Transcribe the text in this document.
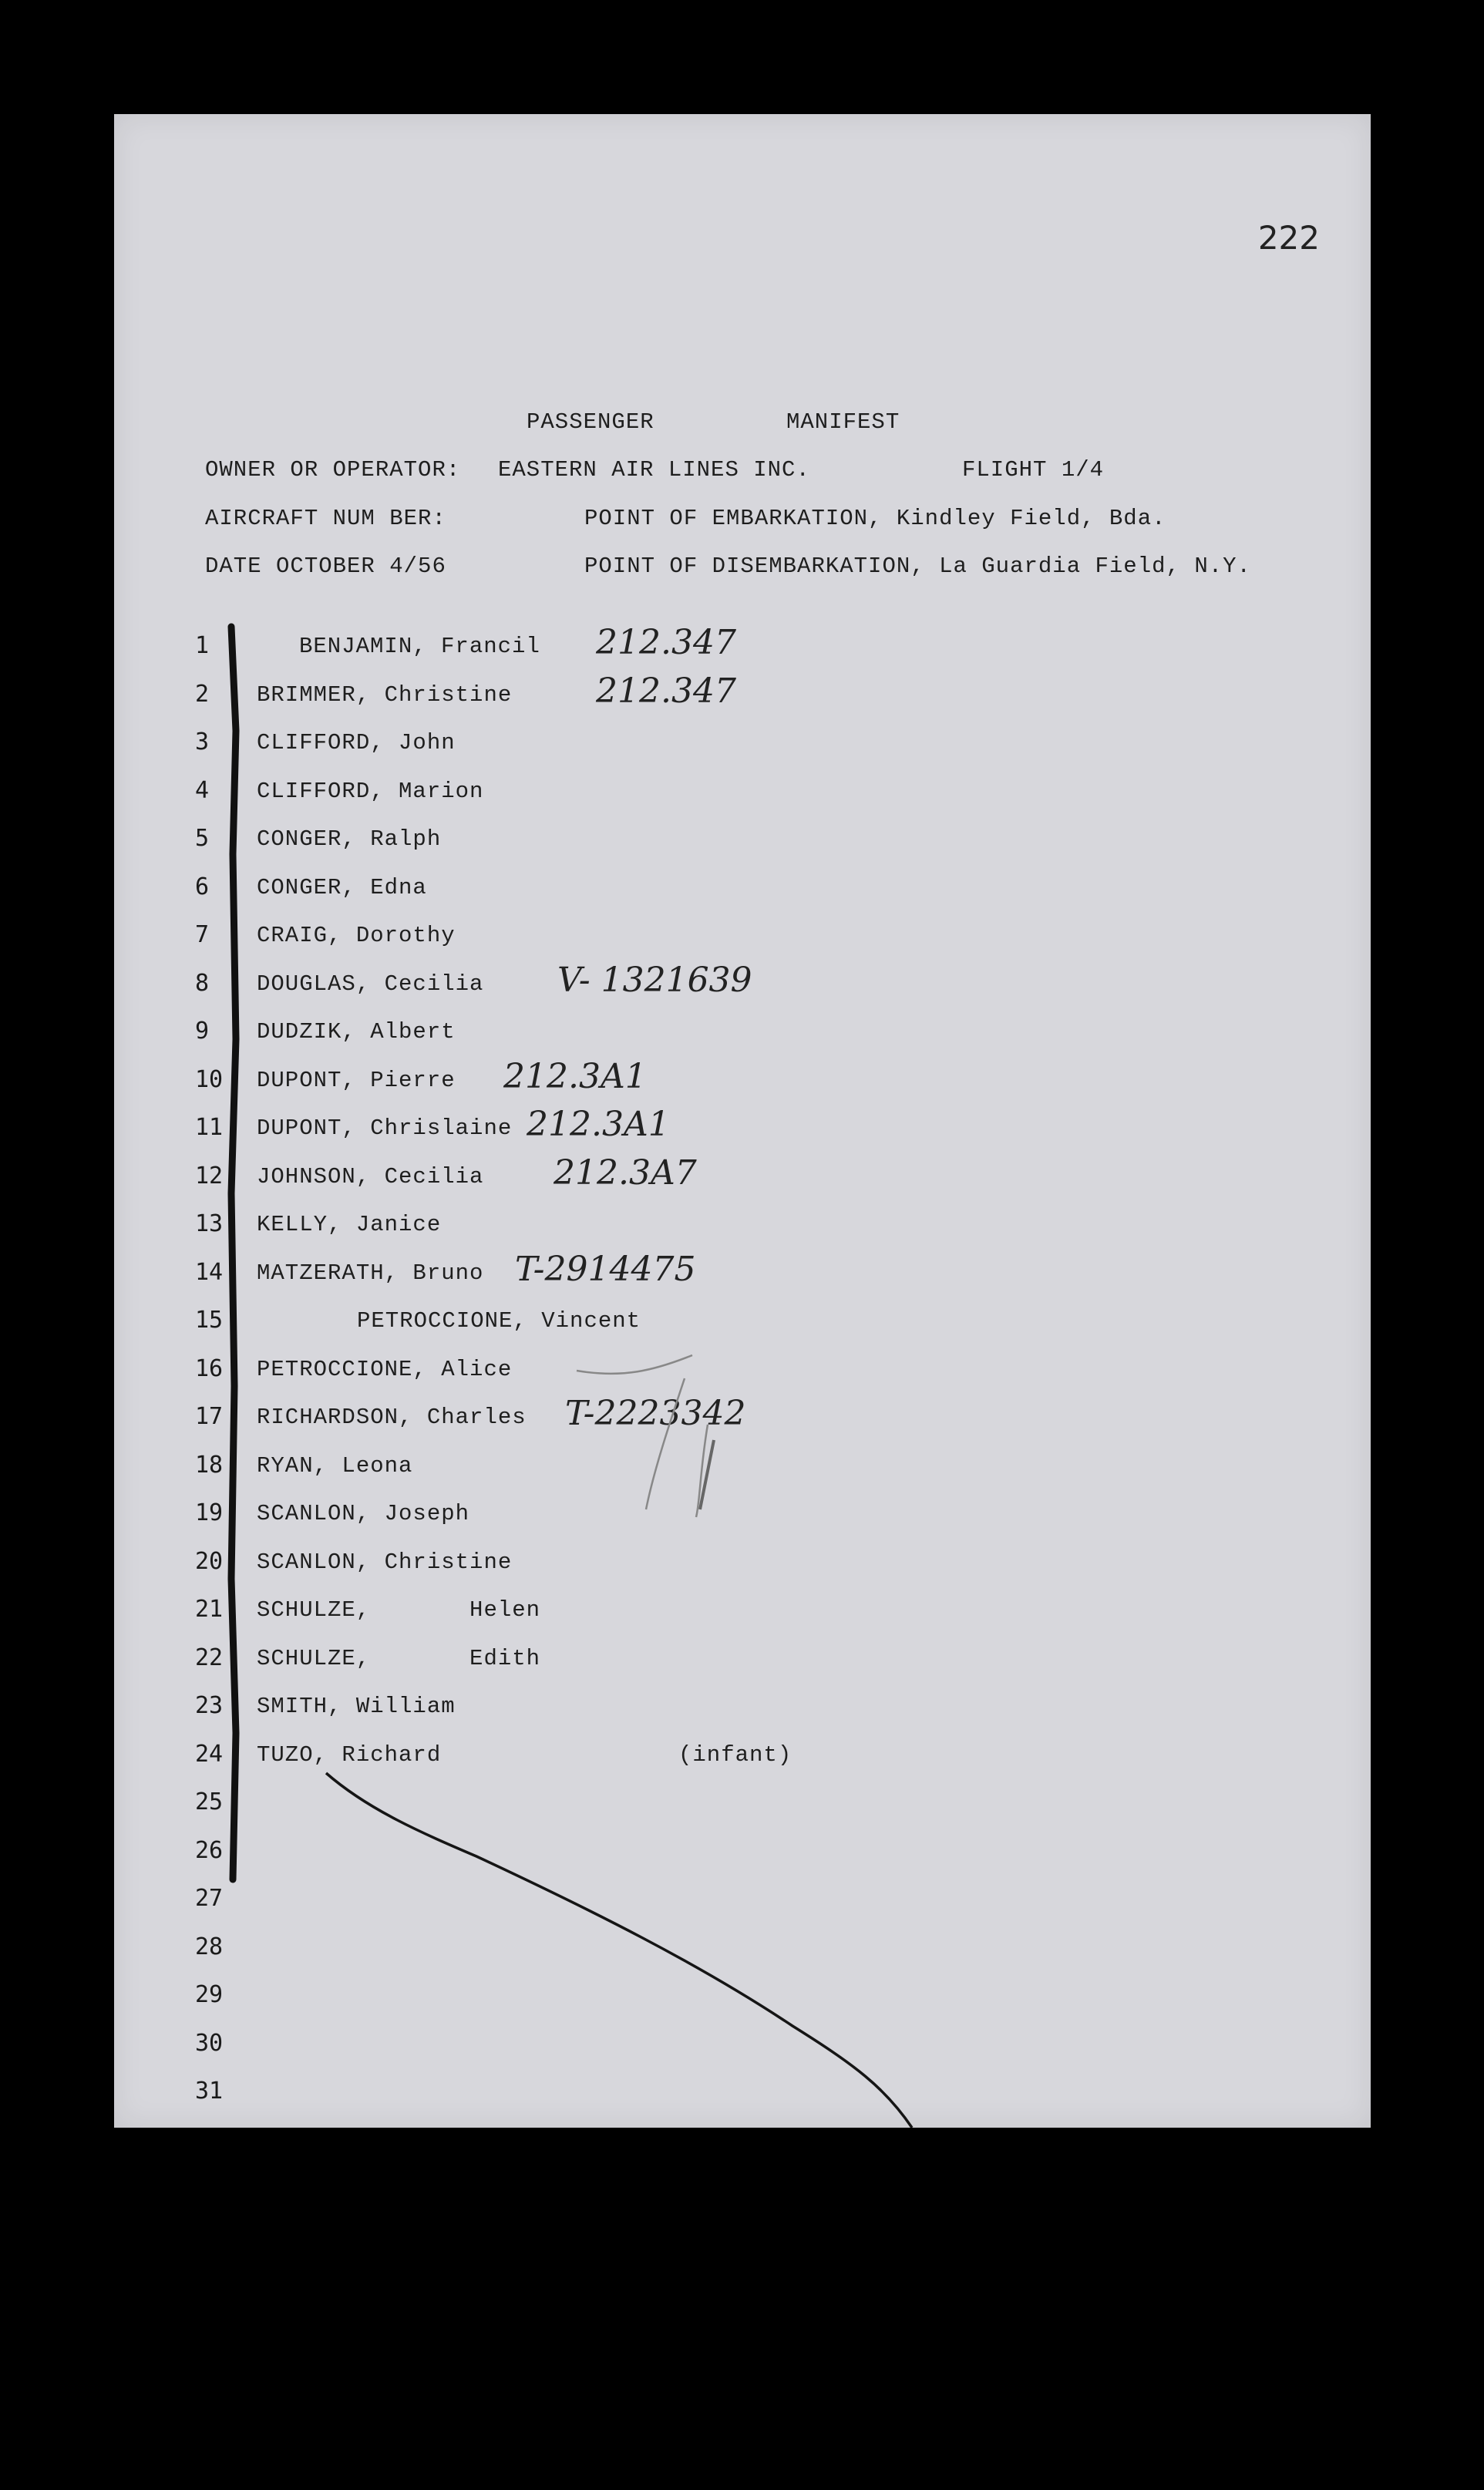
222
PASSENGER	MANIFEST
OWNER OR OPERATOR: EASTERN AIR LINES INC.	FLIGHT 1/4
AIRCRAFT NUM BER:	POINT OF EMBARKATION, Kindley Field, Bda.
DATE OCTOBER 4/56	POINT OF DISEMBARKATION, La Guardia Field, N.Y.
1	BENJAMIN, Francil 212.347
2 BRIMMER, Christine 212.347
3 CLIFFORD, John
4 CLIFFORD, Marion
5 CONGER, Ralph
6 CONGER, Edna
7 CRAIG, Dorothy
8 DOUGLAS, Cecilia V- 1321639
9 DUDZIK, Albert
10 DUPONT, Pierre 212.3A1
11 DUPONT, Chrislaine 212.3A1
12 JOHNSON, Cecilia 212.3A7
13 KELLY, Janice
14 MATZERATH, Bruno T-2914475
15	PETROCCIONE, Vincent
16 PETROCCIONE, Alice
17 RICHARDSON, Charles T-2223342
18 RYAN, Leona
19 SCANLON, Joseph
20 SCANLON, Christine
21 SCHULZE,       Helen
22 SCHULZE,       Edith
23 SMITH, William
24 TUZO, Richard	(infant)
25
26
27
28
29
30
31
